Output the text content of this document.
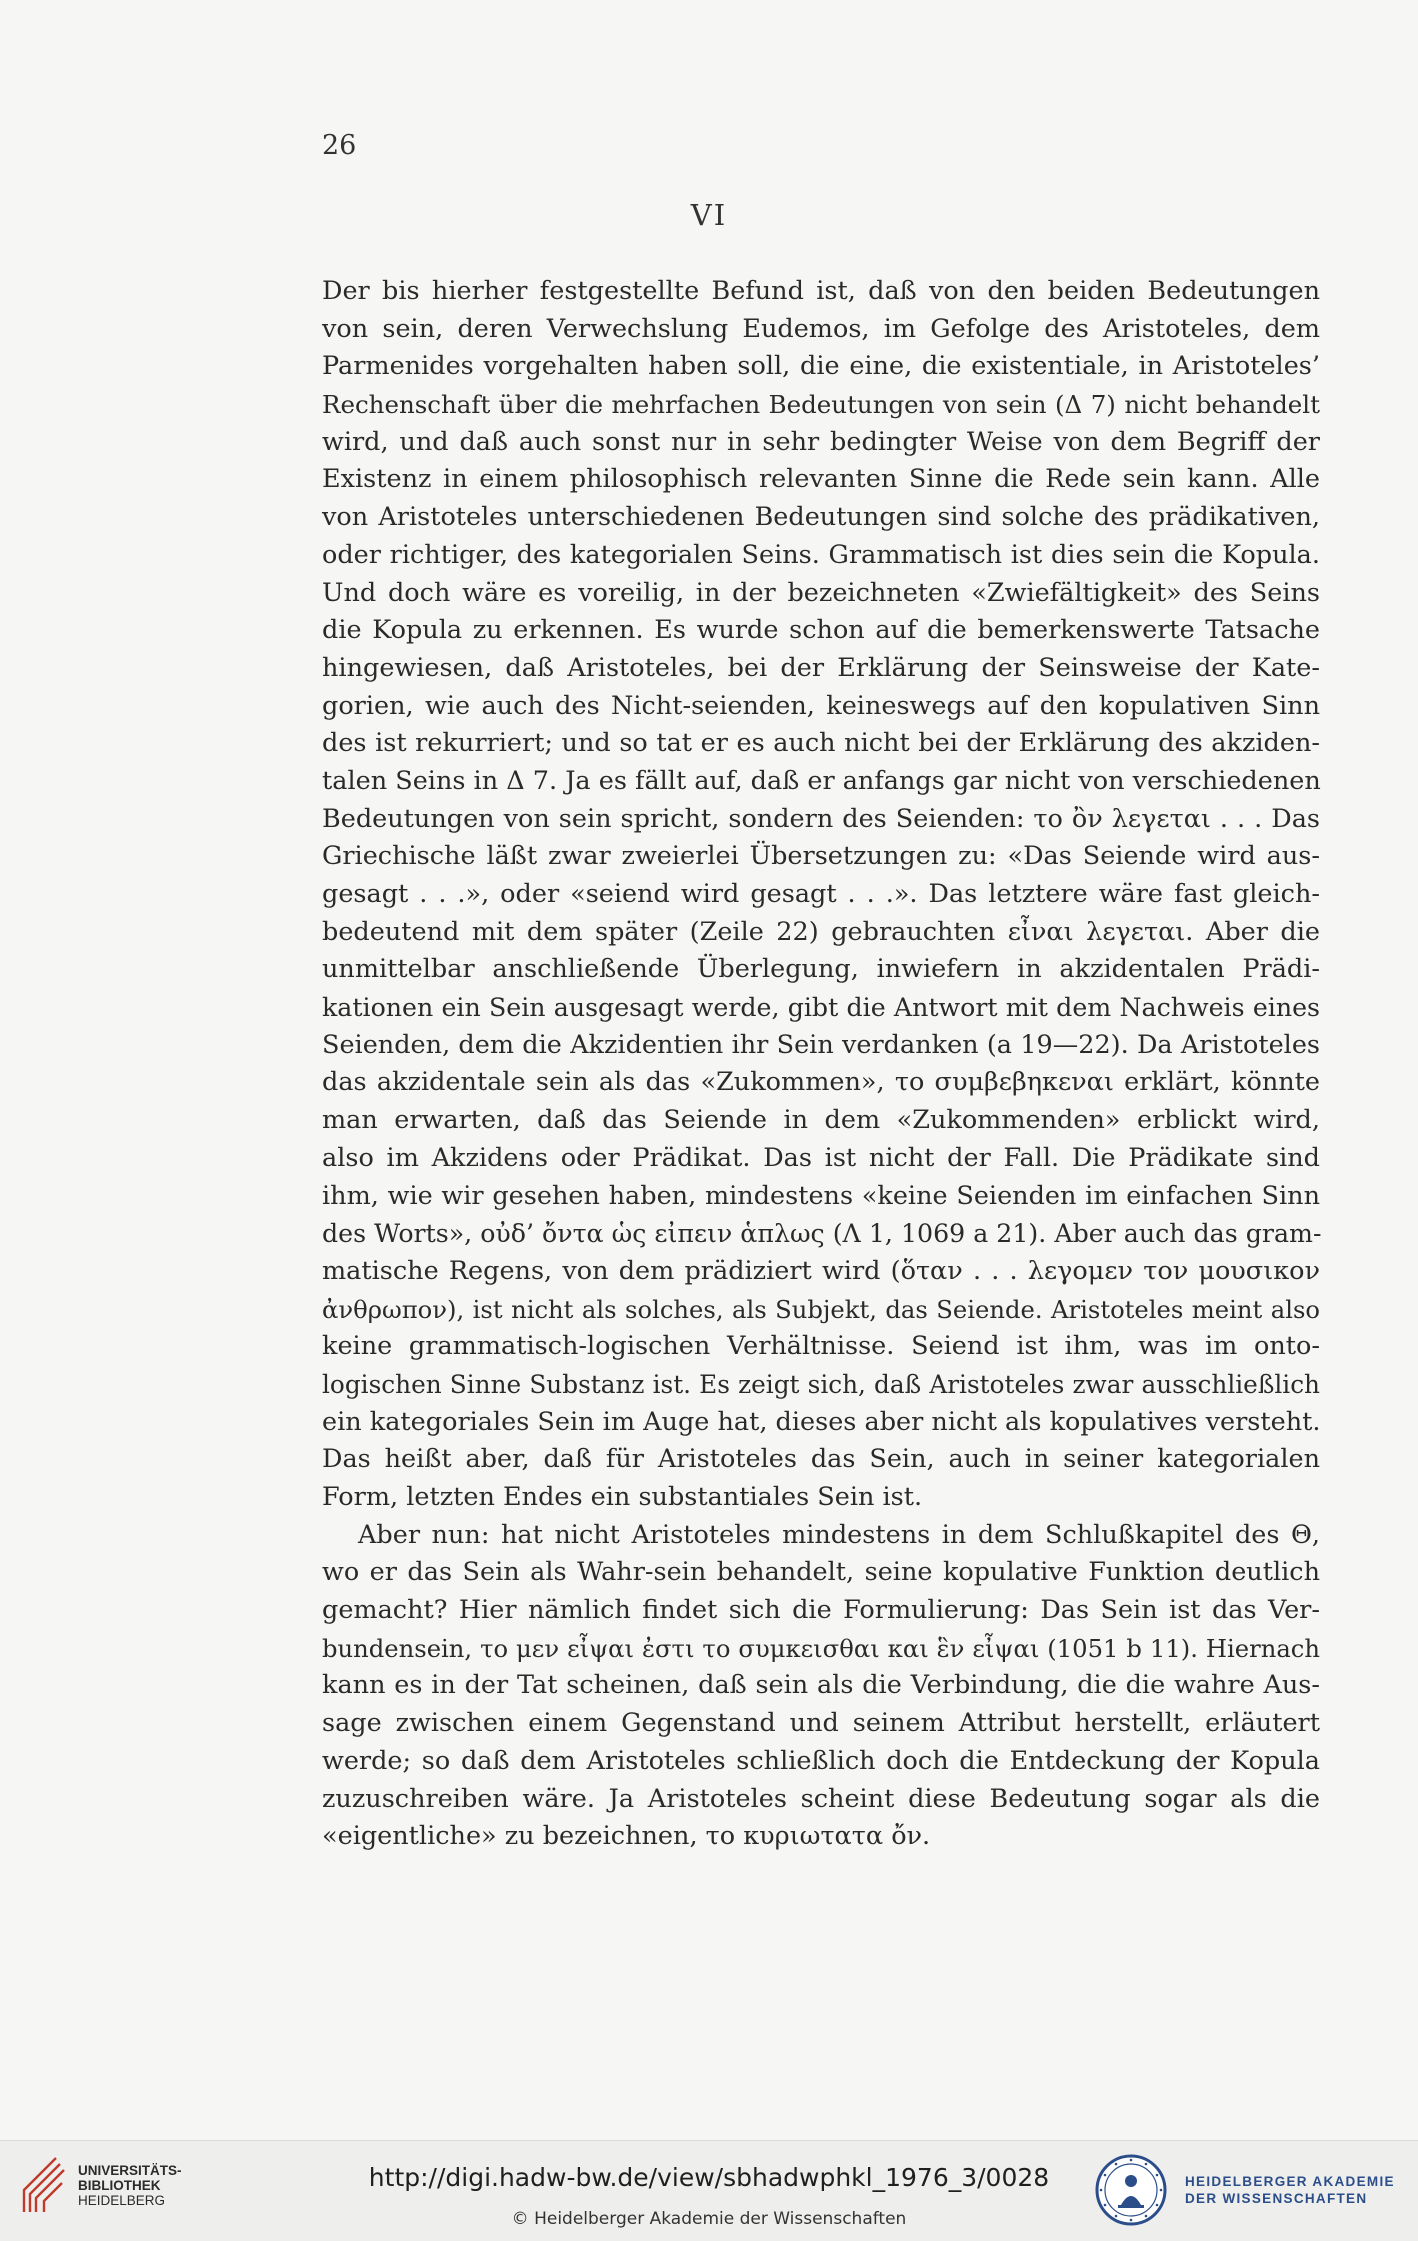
26
VI
Der bis hierher festgestellte Befund ist, daß von den beiden Bedeutungen
von sein, deren Verwechslung Eudemos, im Gefolge des Aristoteles, dem
Parmenides vorgehalten haben soll, die eine, die existentiale, in Aristoteles’
Rechenschaft über die mehrfachen Bedeutungen von sein (Δ 7) nicht behandelt
wird, und daß auch sonst nur in sehr bedingter Weise von dem Begriff der
Existenz in einem philosophisch relevanten Sinne die Rede sein kann. Alle
von Aristoteles unterschiedenen Bedeutungen sind solche des prädikativen,
oder richtiger, des kategorialen Seins. Grammatisch ist dies sein die Kopula.
Und doch wäre es voreilig, in der bezeichneten «Zwiefältigkeit» des Seins
die Kopula zu erkennen. Es wurde schon auf die bemerkenswerte Tatsache
hingewiesen, daß Aristoteles, bei der Erklärung der Seinsweise der Kate-
gorien, wie auch des Nicht-seienden, keineswegs auf den kopulativen Sinn
des ist rekurriert; und so tat er es auch nicht bei der Erklärung des akziden-
talen Seins in Δ 7. Ja es fällt auf, daß er anfangs gar nicht von verschiedenen
Bedeutungen von sein spricht, sondern des Seienden: το ὂν λεγεται . . . Das
Griechische läßt zwar zweierlei Übersetzungen zu: «Das Seiende wird aus-
gesagt . . .», oder «seiend wird gesagt . . .». Das letztere wäre fast gleich-
bedeutend mit dem später (Zeile 22) gebrauchten εἶναι λεγεται. Aber die
unmittelbar anschließende Überlegung, inwiefern in akzidentalen Prädi-
kationen ein Sein ausgesagt werde, gibt die Antwort mit dem Nachweis eines
Seienden, dem die Akzidentien ihr Sein verdanken (a 19—22). Da Aristoteles
das akzidentale sein als das «Zukommen», το συμβεβηκεναι erklärt, könnte
man erwarten, daß das Seiende in dem «Zukommenden» erblickt wird,
also im Akzidens oder Prädikat. Das ist nicht der Fall. Die Prädikate sind
ihm, wie wir gesehen haben, mindestens «keine Seienden im einfachen Sinn
des Worts», οὐδ’ ὄντα ὡς εἰπειν ἁπλως (Λ 1, 1069 a 21). Aber auch das gram-
matische Regens, von dem prädiziert wird (ὅταν . . . λεγομεν τον μουσικον
ἀνθρωπον), ist nicht als solches, als Subjekt, das Seiende. Aristoteles meint also
keine grammatisch-logischen Verhältnisse. Seiend ist ihm, was im onto-
logischen Sinne Substanz ist. Es zeigt sich, daß Aristoteles zwar ausschließlich
ein kategoriales Sein im Auge hat, dieses aber nicht als kopulatives versteht.
Das heißt aber, daß für Aristoteles das Sein, auch in seiner kategorialen
Form, letzten Endes ein substantiales Sein ist.
Aber nun: hat nicht Aristoteles mindestens in dem Schlußkapitel des Θ,
wo er das Sein als Wahr-sein behandelt, seine kopulative Funktion deutlich
gemacht? Hier nämlich findet sich die Formulierung: Das Sein ist das Ver-
bundensein, το μεν εἶψαι ἐστι το συμκεισθαι και ἓν εἶψαι (1051 b 11). Hiernach
kann es in der Tat scheinen, daß sein als die Verbindung, die die wahre Aus-
sage zwischen einem Gegenstand und seinem Attribut herstellt, erläutert
werde; so daß dem Aristoteles schließlich doch die Entdeckung der Kopula
zuzuschreiben wäre. Ja Aristoteles scheint diese Bedeutung sogar als die
«eigentliche» zu bezeichnen, το κυριωτατα ὄν.
UNIVERSITÄTS-
BIBLIOTHEK
HEIDELBERG
http://digi.hadw-bw.de/view/sbhadwphkl_1976_3/0028
© Heidelberger Akademie der Wissenschaften
HEIDELBERGER AKADEMIE
DER WISSENSCHAFTEN
